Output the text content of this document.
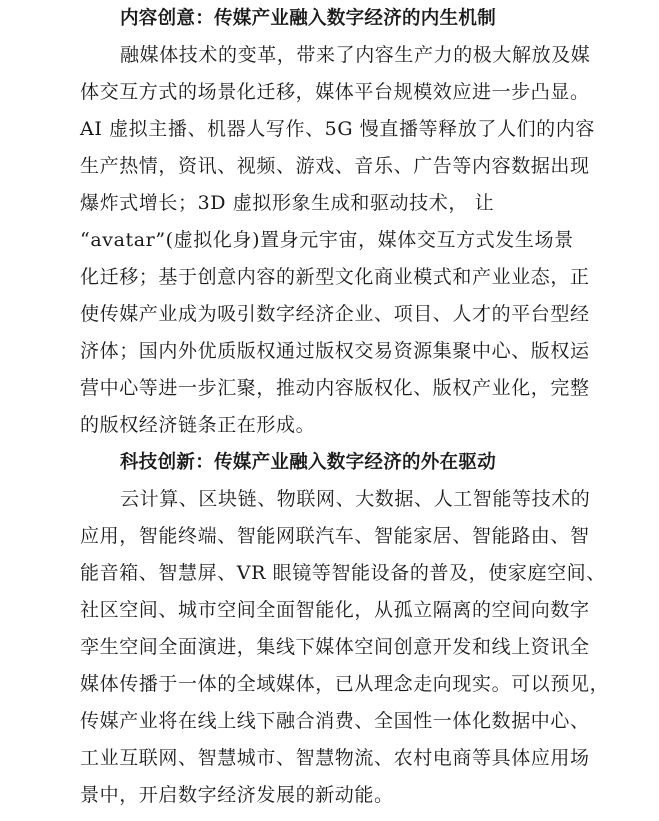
内容创意：传媒产业融入数字经济的内生机制
融媒体技术的变革，带来了内容生产力的极大解放及媒
体交互方式的场景化迁移，媒体平台规模效应进一步凸显。
AI 虚拟主播、机器人写作、5G 慢直播等释放了人们的内容
生产热情，资讯、视频、游戏、音乐、广告等内容数据出现
爆炸式增长；3D 虚拟形象生成和驱动技术， 让
“avatar”(虚拟化身)置身元宇宙，媒体交互方式发生场景
化迁移；基于创意内容的新型文化商业模式和产业业态，正
使传媒产业成为吸引数字经济企业、项目、人才的平台型经
济体；国内外优质版权通过版权交易资源集聚中心、版权运
营中心等进一步汇聚，推动内容版权化、版权产业化，完整
的版权经济链条正在形成。
科技创新：传媒产业融入数字经济的外在驱动
云计算、区块链、物联网、大数据、人工智能等技术的
应用，智能终端、智能网联汽车、智能家居、智能路由、智
能音箱、智慧屏、VR 眼镜等智能设备的普及，使家庭空间、
社区空间、城市空间全面智能化，从孤立隔离的空间向数字
孪生空间全面演进，集线下媒体空间创意开发和线上资讯全
媒体传播于一体的全域媒体，已从理念走向现实。可以预见，
传媒产业将在线上线下融合消费、全国性一体化数据中心、
工业互联网、智慧城市、智慧物流、农村电商等具体应用场
景中，开启数字经济发展的新动能。
